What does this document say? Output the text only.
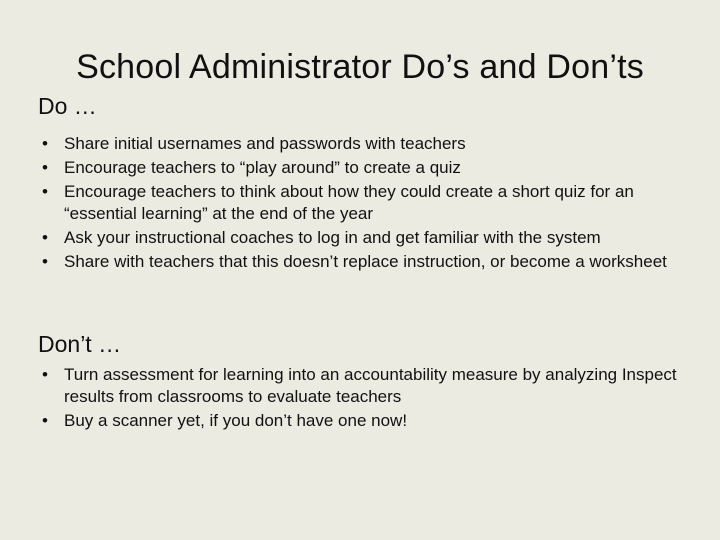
School Administrator Do’s and Don’ts
Do …
• Share initial usernames and passwords with teachers
• Encourage teachers to “play around” to create a quiz
• Encourage teachers to think about how they could create a short quiz for an “essential learning” at the end of the year
• Ask your instructional coaches to log in and get familiar with the system
• Share with teachers that this doesn’t replace instruction, or become a worksheet
Don’t …
• Turn assessment for learning into an accountability measure by analyzing Inspect results from classrooms to evaluate teachers
• Buy a scanner yet, if you don’t have one now!
